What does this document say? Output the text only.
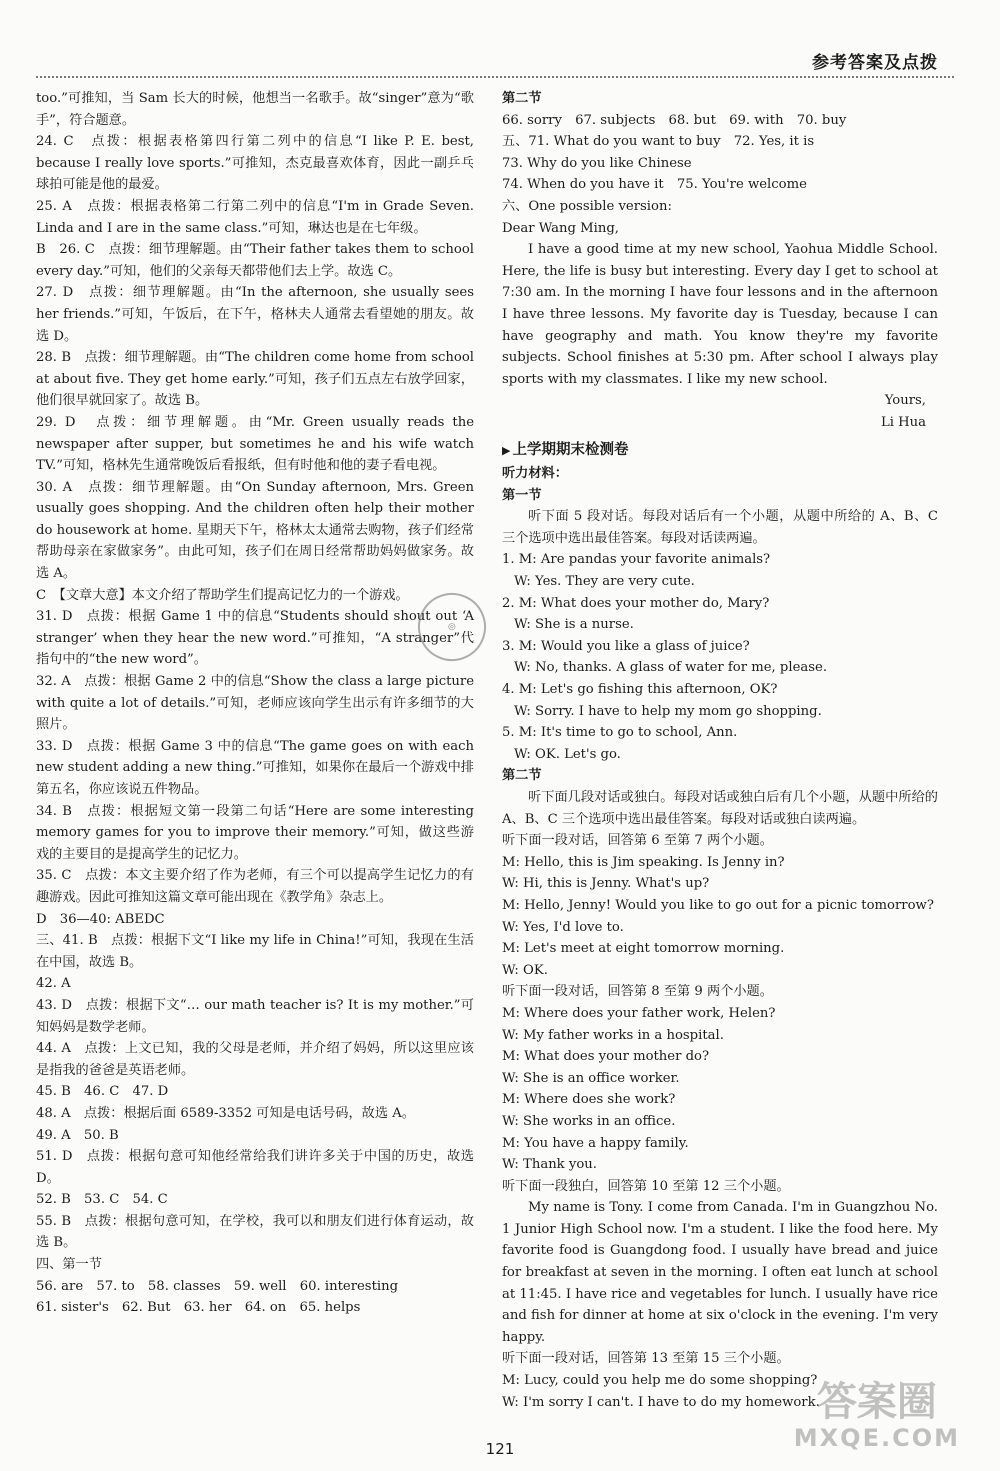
参考答案及点拨

too.”可推知，当 Sam 长大的时候，他想当一名歌手。故“singer”意为“歌手”，符合题意。

24. C　点拨：根据表格第四行第二列中的信息“I like P. E. best, because I really love sports.”可推知，杰克最喜欢体育，因此一副乒乓球拍可能是他的最爱。

25. A　点拨：根据表格第二行第二列中的信息“I'm in Grade Seven. Linda and I are in the same class.”可知，琳达也是在七年级。

B　26. C　点拨：细节理解题。由“Their father takes them to school every day.”可知，他们的父亲每天都带他们去上学。故选 C。

27. D　点拨：细节理解题。由“In the afternoon, she usually sees her friends.”可知，午饭后，在下午，格林夫人通常去看望她的朋友。故选 D。

28. B　点拨：细节理解题。由“The children come home from school at about five. They get home early.”可知，孩子们五点左右放学回家，他们很早就回家了。故选 B。

29. D　点拨：细节理解题。由“Mr. Green usually reads the newspaper after supper, but sometimes he and his wife watch TV.”可知，格林先生通常晚饭后看报纸，但有时他和他的妻子看电视。

30. A　点拨：细节理解题。由“On Sunday afternoon, Mrs. Green usually goes shopping. And the children often help their mother do housework at home. 星期天下午，格林太太通常去购物，孩子们经常帮助母亲在家做家务”。由此可知，孩子们在周日经常帮助妈妈做家务。故选 A。

C　【文章大意】本文介绍了帮助学生们提高记忆力的一个游戏。

31. D　点拨：根据 Game 1 中的信息“Students should shout out ‘A stranger’ when they hear the new word.”可推知，“A stranger”代指句中的“the new word”。

32. A　点拨：根据 Game 2 中的信息“Show the class a large picture with quite a lot of details.”可知，老师应该向学生出示有许多细节的大照片。

33. D　点拨：根据 Game 3 中的信息“The game goes on with each new student adding a new thing.”可推知，如果你在最后一个游戏中排第五名，你应该说五件物品。

34. B　点拨：根据短文第一段第二句话“Here are some interesting memory games for you to improve their memory.”可知，做这些游戏的主要目的是提高学生的记忆力。

35. C　点拨：本文主要介绍了作为老师，有三个可以提高学生记忆力的有趣游戏。因此可推知这篇文章可能出现在《教学角》杂志上。

D　36—40: ABEDC

三、41. B　点拨：根据下文“I like my life in China!”可知，我现在生活在中国，故选 B。

42. A

43. D　点拨：根据下文“… our math teacher is? It is my mother.”可知妈妈是数学老师。

44. A　点拨：上文已知，我的父母是老师，并介绍了妈妈，所以这里应该是指我的爸爸是英语老师。

45. B　46. C　47. D

48. A　点拨：根据后面 6589-3352 可知是电话号码，故选 A。

49. A　50. B

51. D　点拨：根据句意可知他经常给我们讲许多关于中国的历史，故选 D。

52. B　53. C　54. C

55. B　点拨：根据句意可知，在学校，我可以和朋友们进行体育运动，故选 B。

四、第一节

56. are　57. to　58. classes　59. well　60. interesting

61. sister's　62. But　63. her　64. on　65. helps

◎

第二节

66. sorry　67. subjects　68. but　69. with　70. buy

五、71. What do you want to buy　72. Yes, it is

73. Why do you like Chinese

74. When do you have it　75. You're welcome

六、One possible version:

Dear Wang Ming,

I have a good time at my new school, Yaohua Middle School. Here, the life is busy but interesting. Every day I get to school at 7:30 am. In the morning I have four lessons and in the afternoon I have three lessons. My favorite day is Tuesday, because I can have geography and math. You know they're my favorite subjects. School finishes at 5:30 pm. After school I always play sports with my classmates. I like my new school.

Yours,

Li Hua

▶ 上学期期末检测卷

听力材料：

第一节

听下面 5 段对话。每段对话后有一个小题，从题中所给的 A、B、C 三个选项中选出最佳答案。每段对话读两遍。

1. M: Are pandas your favorite animals?

W: Yes. They are very cute.

2. M: What does your mother do, Mary?

W: She is a nurse.

3. M: Would you like a glass of juice?

W: No, thanks. A glass of water for me, please.

4. M: Let's go fishing this afternoon, OK?

W: Sorry. I have to help my mom go shopping.

5. M: It's time to go to school, Ann.

W: OK. Let's go.

第二节

听下面几段对话或独白。每段对话或独白后有几个小题，从题中所给的 A、B、C 三个选项中选出最佳答案。每段对话或独白读两遍。

听下面一段对话，回答第 6 至第 7 两个小题。

M: Hello, this is Jim speaking. Is Jenny in?

W: Hi, this is Jenny. What's up?

M: Hello, Jenny! Would you like to go out for a picnic tomorrow?

W: Yes, I'd love to.

M: Let's meet at eight tomorrow morning.

W: OK.

听下面一段对话，回答第 8 至第 9 两个小题。

M: Where does your father work, Helen?

W: My father works in a hospital.

M: What does your mother do?

W: She is an office worker.

M: Where does she work?

W: She works in an office.

M: You have a happy family.

W: Thank you.

听下面一段独白，回答第 10 至第 12 三个小题。

My name is Tony. I come from Canada. I'm in Guangzhou No. 1 Junior High School now. I'm a student. I like the food here. My favorite food is Guangdong food. I usually have bread and juice for breakfast at seven in the morning. I often eat lunch at school at 11:45. I have rice and vegetables for lunch. I usually have rice and fish for dinner at home at six o'clock in the evening. I'm very happy.

听下面一段对话，回答第 13 至第 15 三个小题。

M: Lucy, could you help me do some shopping?

W: I'm sorry I can't. I have to do my homework.

答案圈
MXQE.COM
121
